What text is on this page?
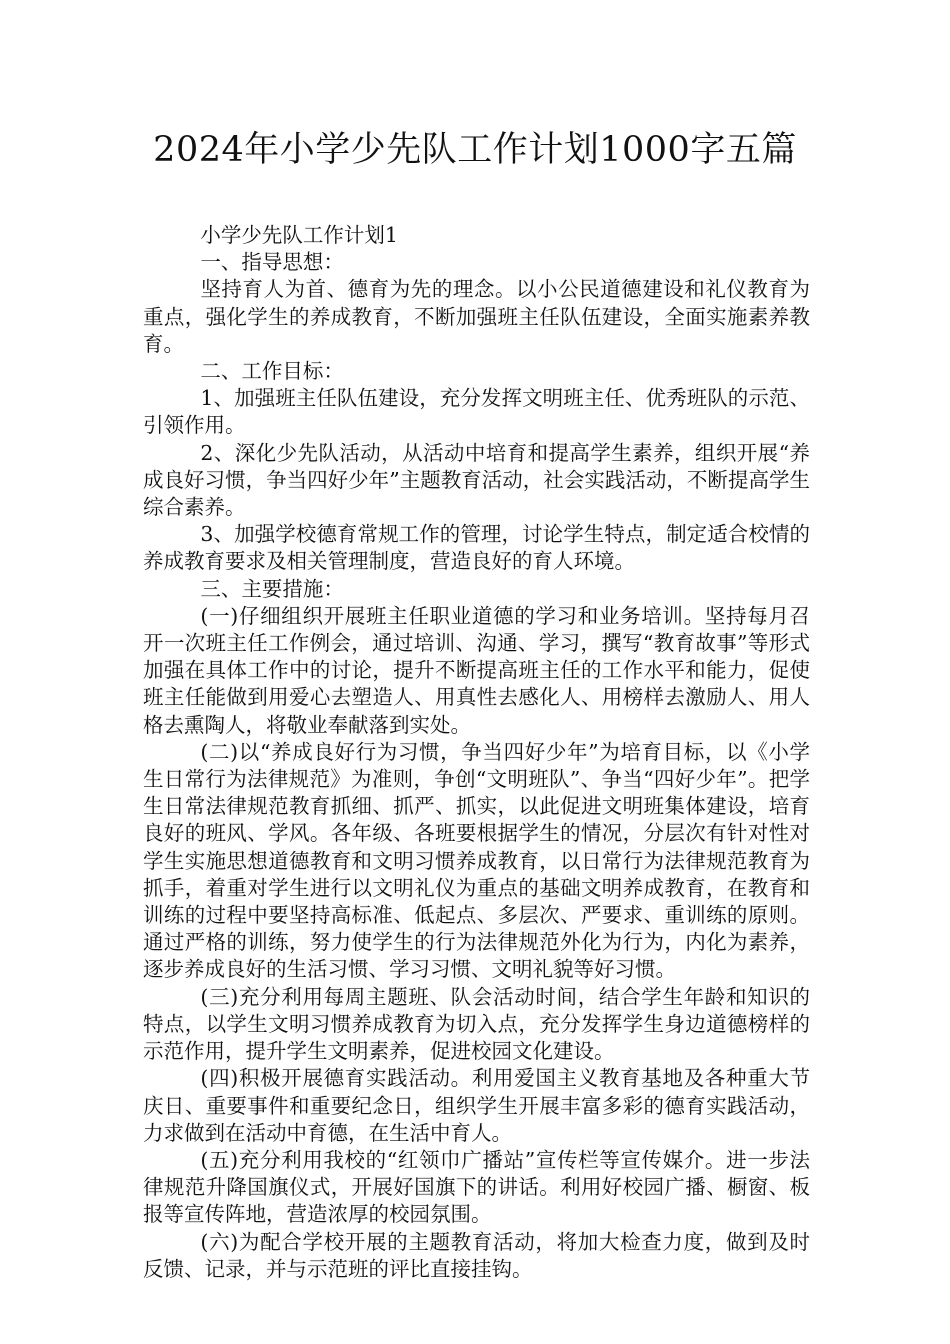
2024年小学少先队工作计划1000字五篇

小学少先队工作计划1

一、指导思想：

坚持育人为首、德育为先的理念。以小公民道德建设和礼仪教育为重点，强化学生的养成教育，不断加强班主任队伍建设，全面实施素养教育。

二、工作目标：

1、加强班主任队伍建设，充分发挥文明班主任、优秀班队的示范、引领作用。

2、深化少先队活动，从活动中培育和提高学生素养，组织开展“养成良好习惯，争当四好少年”主题教育活动，社会实践活动，不断提高学生综合素养。

3、加强学校德育常规工作的管理，讨论学生特点，制定适合校情的养成教育要求及相关管理制度，营造良好的育人环境。

三、主要措施：

(一)仔细组织开展班主任职业道德的学习和业务培训。坚持每月召开一次班主任工作例会，通过培训、沟通、学习，撰写“教育故事”等形式加强在具体工作中的讨论，提升不断提高班主任的工作水平和能力，促使班主任能做到用爱心去塑造人、用真性去感化人、用榜样去激励人、用人格去熏陶人，将敬业奉献落到实处。

(二)以“养成良好行为习惯，争当四好少年”为培育目标，以《小学生日常行为法律规范》为准则，争创“文明班队”、争当“四好少年”。把学生日常法律规范教育抓细、抓严、抓实，以此促进文明班集体建设，培育良好的班风、学风。各年级、各班要根据学生的情况，分层次有针对性对学生实施思想道德教育和文明习惯养成教育，以日常行为法律规范教育为抓手，着重对学生进行以文明礼仪为重点的基础文明养成教育，在教育和训练的过程中要坚持高标准、低起点、多层次、严要求、重训练的原则。通过严格的训练，努力使学生的行为法律规范外化为行为，内化为素养，逐步养成良好的生活习惯、学习习惯、文明礼貌等好习惯。

(三)充分利用每周主题班、队会活动时间，结合学生年龄和知识的特点，以学生文明习惯养成教育为切入点，充分发挥学生身边道德榜样的示范作用，提升学生文明素养，促进校园文化建设。

(四)积极开展德育实践活动。利用爱国主义教育基地及各种重大节庆日、重要事件和重要纪念日，组织学生开展丰富多彩的德育实践活动，力求做到在活动中育德，在生活中育人。

(五)充分利用我校的“红领巾广播站”宣传栏等宣传媒介。进一步法律规范升降国旗仪式，开展好国旗下的讲话。利用好校园广播、橱窗、板报等宣传阵地，营造浓厚的校园氛围。

(六)为配合学校开展的主题教育活动，将加大检查力度，做到及时反馈、记录，并与示范班的评比直接挂钩。
